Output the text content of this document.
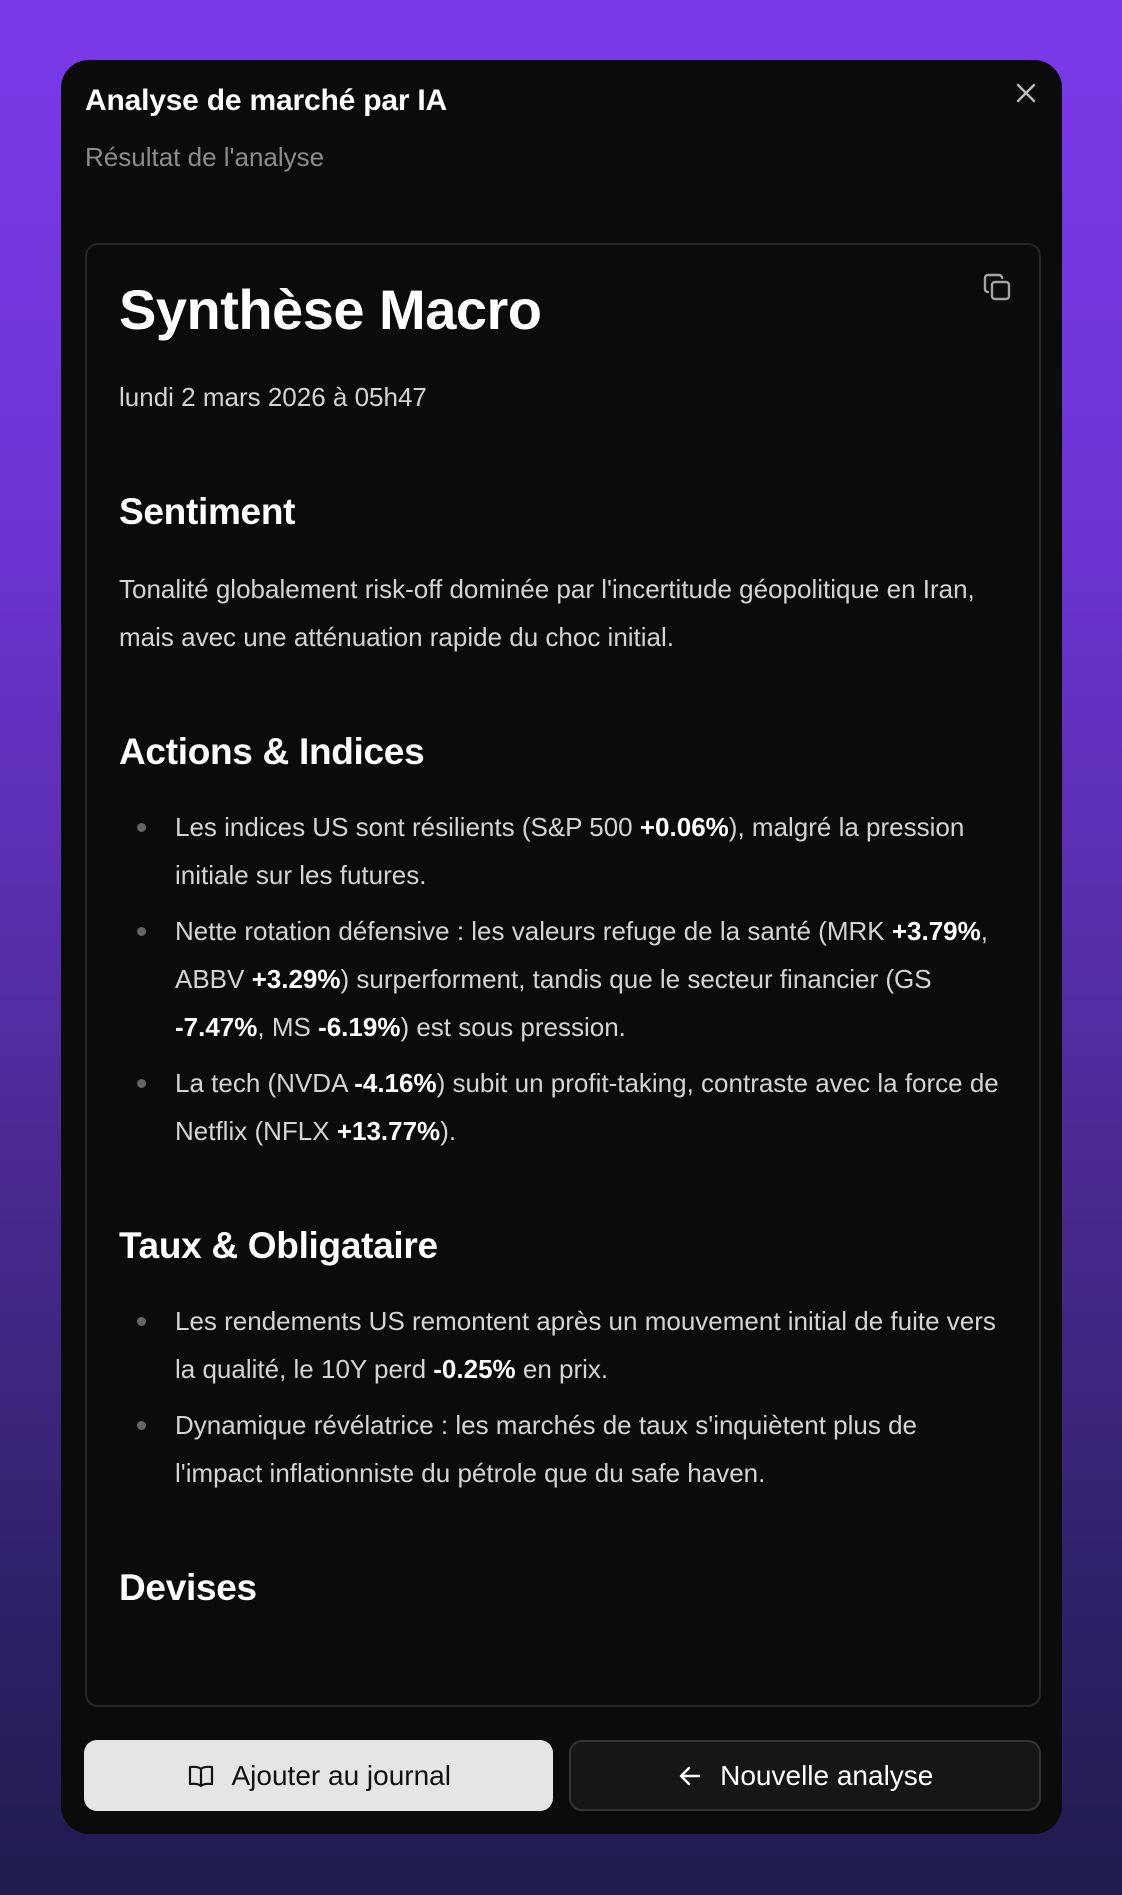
Analyse de marché par IA
Résultat de l'analyse
Synthèse Macro
lundi 2 mars 2026 à 05h47
Sentiment
Tonalité globalement risk-off dominée par l'incertitude géopolitique en Iran, mais avec une atténuation rapide du choc initial.
Actions & Indices
Les indices US sont résilients (S&P 500 +0.06%), malgré la pression initiale sur les futures.
Nette rotation défensive : les valeurs refuge de la santé (MRK +3.79%, ABBV +3.29%) surperforment, tandis que le secteur financier (GS -7.47%, MS -6.19%) est sous pression.
La tech (NVDA -4.16%) subit un profit-taking, contraste avec la force de Netflix (NFLX +13.77%).
Taux & Obligataire
Les rendements US remontent après un mouvement initial de fuite vers la qualité, le 10Y perd -0.25% en prix.
Dynamique révélatrice : les marchés de taux s'inquiètent plus de l'impact inflationniste du pétrole que du safe haven.
Devises
Ajouter au journal	Nouvelle analyse
